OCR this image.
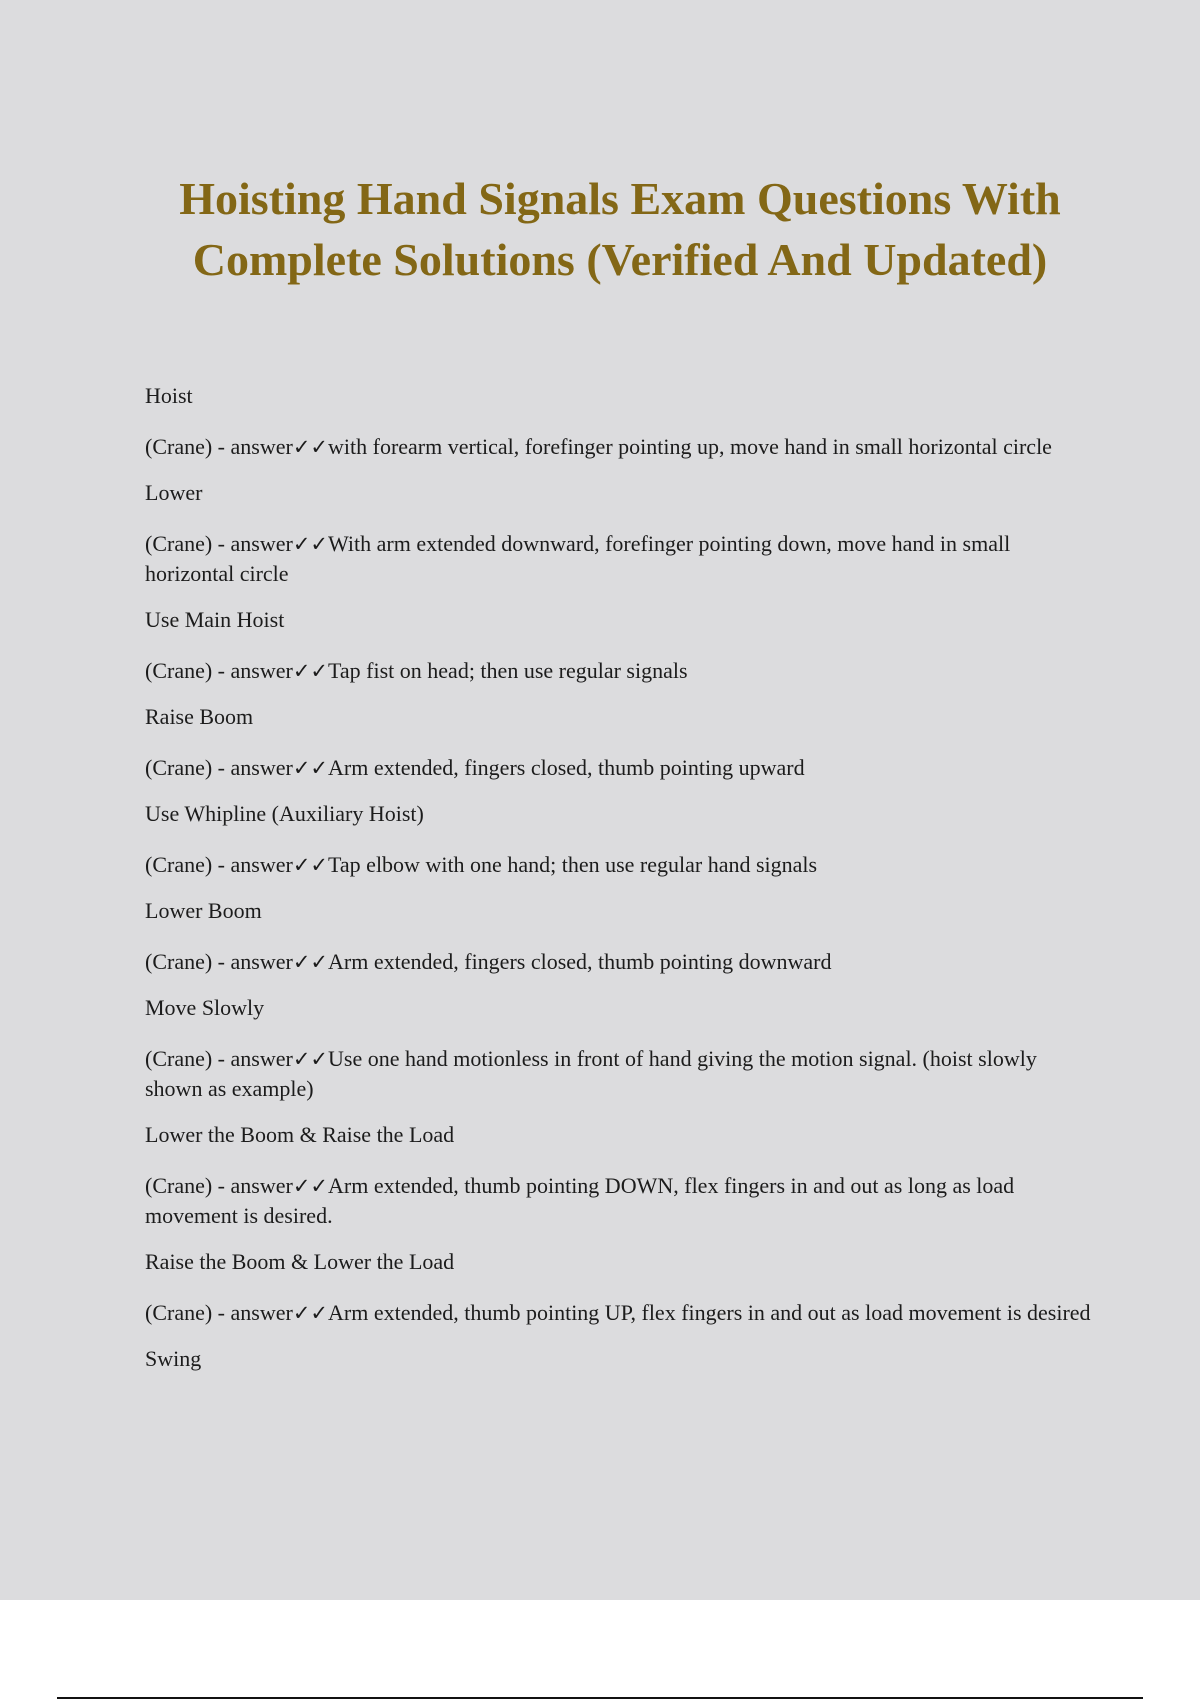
Hoisting Hand Signals Exam Questions With
Complete Solutions (Verified And Updated)
Hoist
(Crane) - answer✓✓with forearm vertical, forefinger pointing up, move hand in small horizontal circle
Lower
(Crane) - answer✓✓With arm extended downward, forefinger pointing down, move hand in small horizontal circle
Use Main Hoist
(Crane) - answer✓✓Tap fist on head; then use regular signals
Raise Boom
(Crane) - answer✓✓Arm extended, fingers closed, thumb pointing upward
Use Whipline (Auxiliary Hoist)
(Crane) - answer✓✓Tap elbow with one hand; then use regular hand signals
Lower Boom
(Crane) - answer✓✓Arm extended, fingers closed, thumb pointing downward
Move Slowly
(Crane) - answer✓✓Use one hand motionless in front of hand giving the motion signal. (hoist slowly shown as example)
Lower the Boom & Raise the Load
(Crane) - answer✓✓Arm extended, thumb pointing DOWN, flex fingers in and out as long as load movement is desired.
Raise the Boom & Lower the Load
(Crane) - answer✓✓Arm extended, thumb pointing UP, flex fingers in and out as load movement is desired
Swing
